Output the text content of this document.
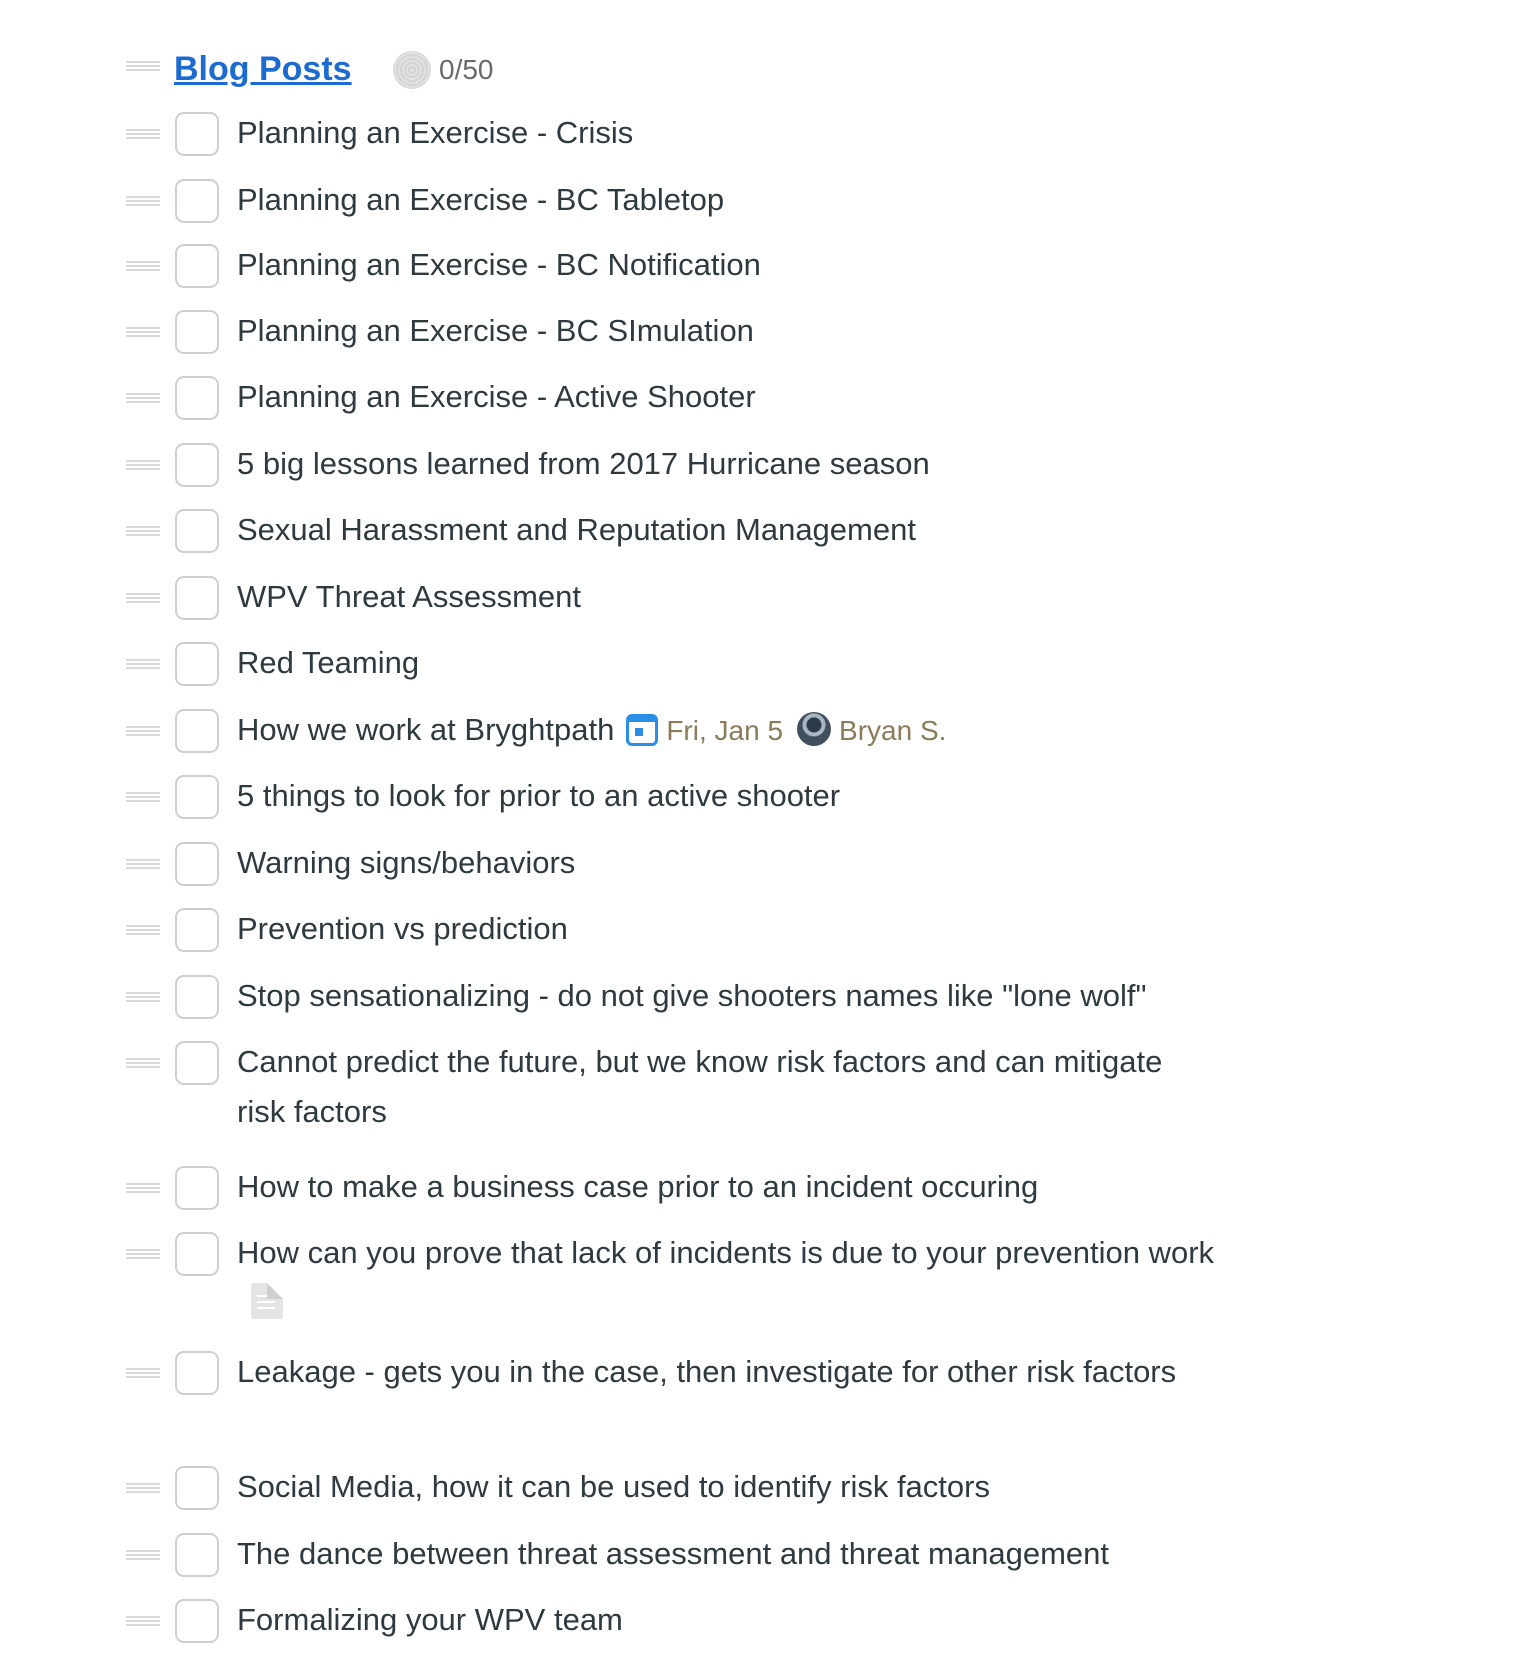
Blog Posts	0/50
Planning an Exercise - Crisis
Planning an Exercise - BC Tabletop
Planning an Exercise - BC Notification
Planning an Exercise - BC SImulation
Planning an Exercise - Active Shooter
5 big lessons learned from 2017 Hurricane season
Sexual Harassment and Reputation Management
WPV Threat Assessment
Red Teaming
How we work at Bryghtpath Fri, Jan 5 Bryan S.
5 things to look for prior to an active shooter
Warning signs/behaviors
Prevention vs prediction
Stop sensationalizing - do not give shooters names like "lone wolf"
Cannot predict the future, but we know risk factors and can mitigate risk factors
How to make a business case prior to an incident occuring
How can you prove that lack of incidents is due to your prevention work
Leakage - gets you in the case, then investigate for other risk factors
Social Media, how it can be used to identify risk factors
The dance between threat assessment and threat management
Formalizing your WPV team
